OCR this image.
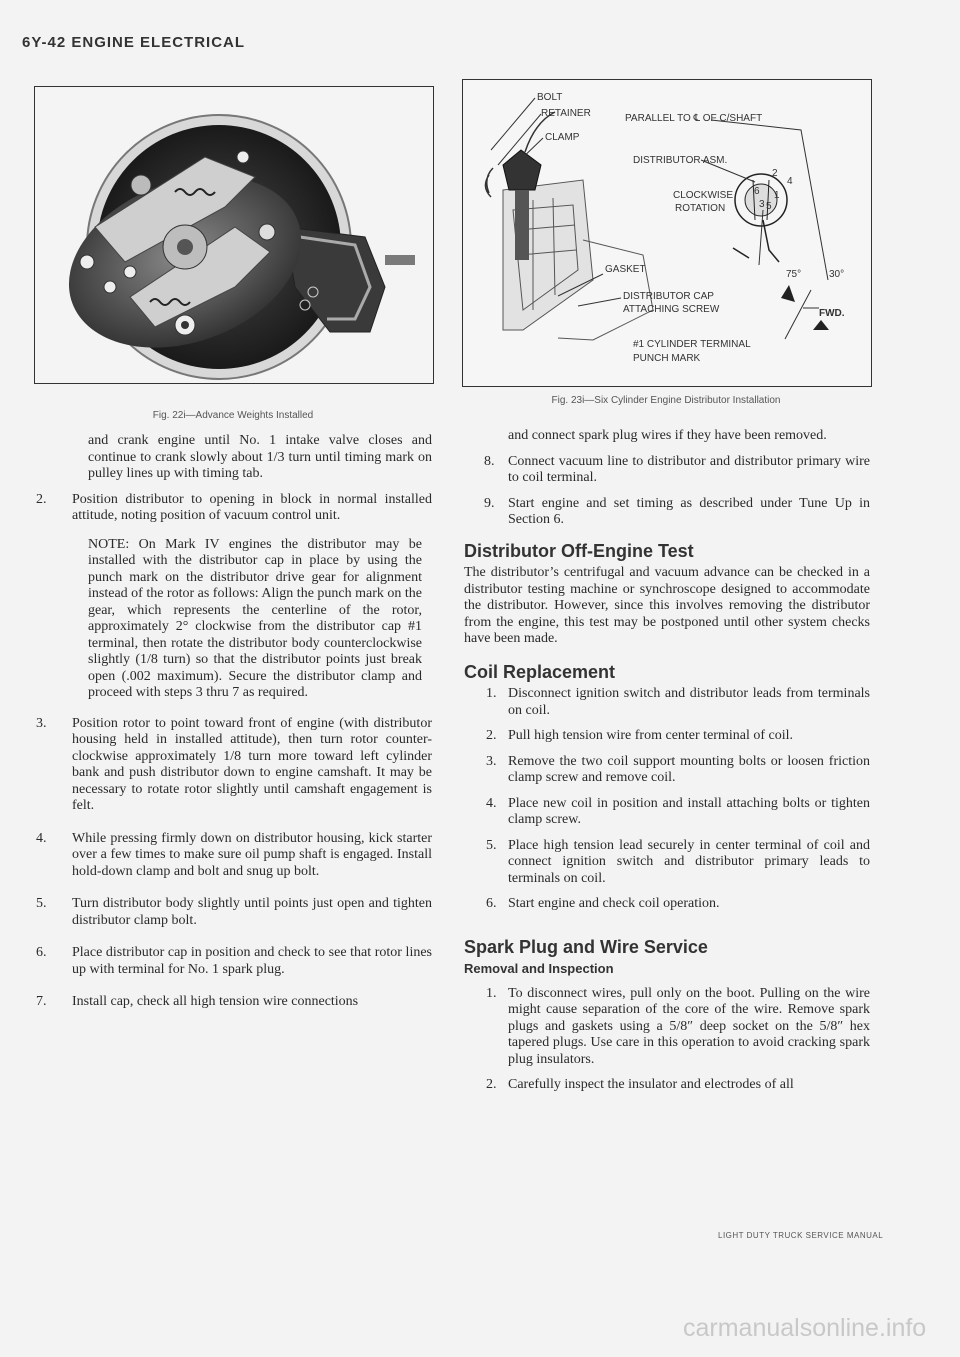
6Y-42 ENGINE ELECTRICAL
Fig. 22i—Advance Weights Installed
BOLT
RETAINER
CLAMP
PARALLEL TO ℄ OF C/SHAFT
DISTRIBUTOR ASM.
CLOCKWISE
ROTATION
GASKET
DISTRIBUTOR CAP
ATTACHING SCREW
#1 CYLINDER TERMINAL
PUNCH MARK
FWD.
75°	30°
2
4
6
3 5
1
Fig. 23i—Six Cylinder Engine Distributor Installation

and crank engine until No. 1 intake valve closes and continue to crank slowly about 1/3 turn until timing mark on pulley lines up with timing tab.

2. Position distributor to opening in block in normal installed attitude, noting position of vacuum control unit.

NOTE: On Mark IV engines the distributor may be installed with the distributor cap in place by using the punch mark on the distributor drive gear for alignment instead of the rotor as follows: Align the punch mark on the gear, which represents the centerline of the rotor, approximately 2° clockwise from the distributor cap #1 terminal, then rotate the distributor body counterclockwise slightly (1/8 turn) so that the distributor points just break open (.002 maximum). Secure the distributor clamp and proceed with steps 3 thru 7 as required.

3. Position rotor to point toward front of engine (with distributor housing held in installed attitude), then turn rotor counter-clockwise approximately 1/8 turn more toward left cylinder bank and push distributor down to engine camshaft. It may be necessary to rotate rotor slightly until camshaft engagement is felt.
4. While pressing firmly down on distributor housing, kick starter over a few times to make sure oil pump shaft is engaged. Install hold-down clamp and bolt and snug up bolt.
5. Turn distributor body slightly until points just open and tighten distributor clamp bolt.
6. Place distributor cap in position and check to see that rotor lines up with terminal for No. 1 spark plug.
7. Install cap, check all high tension wire connections

and connect spark plug wires if they have been removed.

8. Connect vacuum line to distributor and distributor primary wire to coil terminal.
9. Start engine and set timing as described under Tune Up in Section 6.
Distributor Off-Engine Test

The distributor’s centrifugal and vacuum advance can be checked in a distributor testing machine or synchroscope designed to accommodate the distributor. However, since this involves removing the distributor from the engine, this test may be postponed until other system checks have been made.

Coil Replacement
1. Disconnect ignition switch and distributor leads from terminals on coil.
2. Pull high tension wire from center terminal of coil.
3. Remove the two coil support mounting bolts or loosen friction clamp screw and remove coil.
4. Place new coil in position and install attaching bolts or tighten clamp screw.
5. Place high tension lead securely in center terminal of coil and connect ignition switch and distributor primary leads to terminals on coil.
6. Start engine and check coil operation.
Spark Plug and Wire Service
Removal and Inspection
1. To disconnect wires, pull only on the boot. Pulling on the wire might cause separation of the core of the wire. Remove spark plugs and gaskets using a 5/8″ deep socket on the 5/8″ hex tapered plugs. Use care in this operation to avoid cracking spark plug insulators.
2. Carefully inspect the insulator and electrodes of all
LIGHT DUTY TRUCK SERVICE MANUAL
carmanualsonline.info
